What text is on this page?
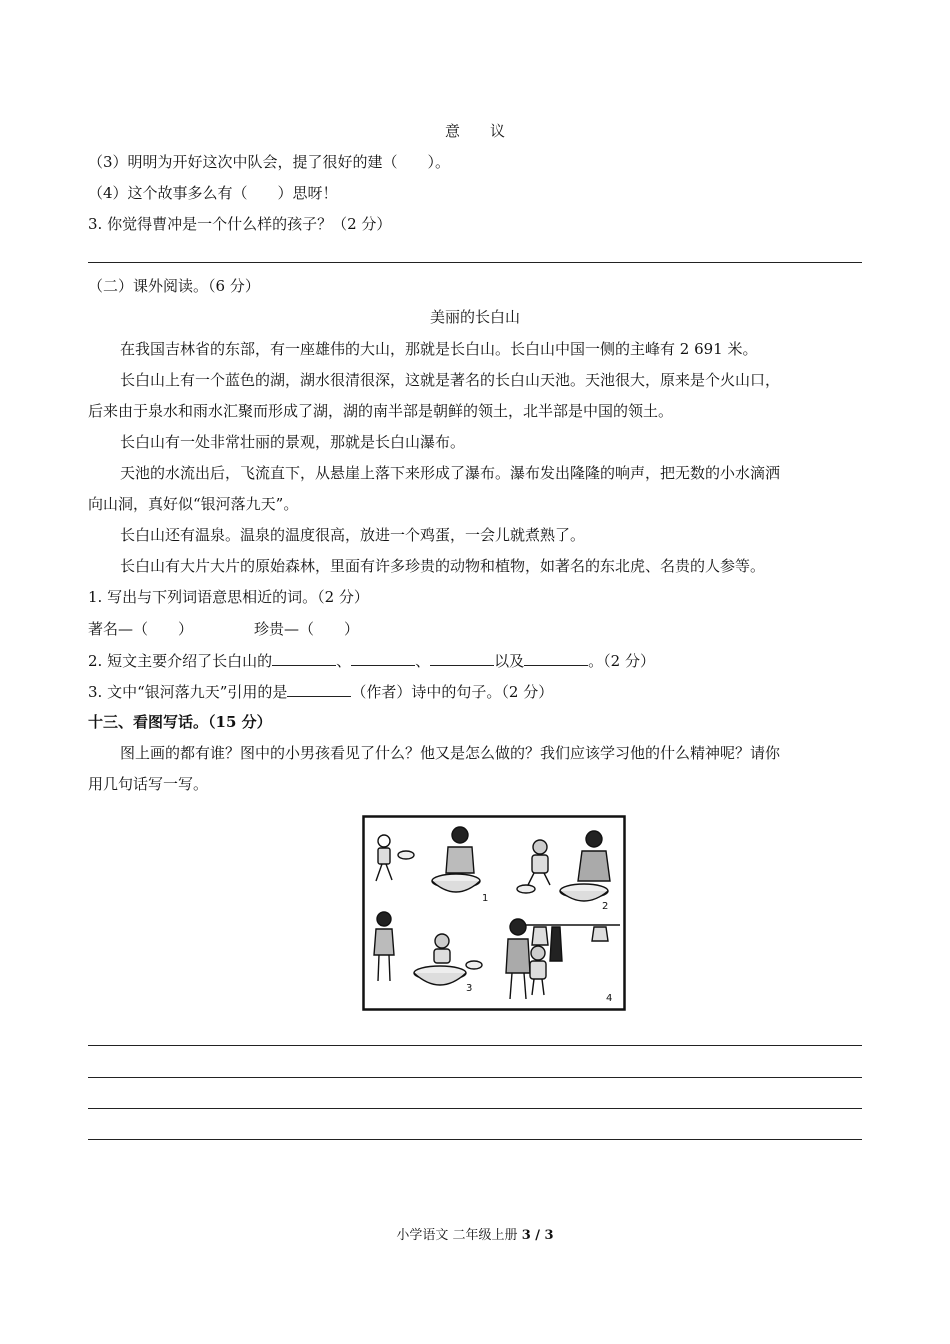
意　　议
（3）明明为开好这次中队会，提了很好的建（　　）。
（4）这个故事多么有（　　）思呀！
3. 你觉得曹冲是一个什么样的孩子？（2 分）
（二）课外阅读。（6 分）
美丽的长白山
在我国吉林省的东部，有一座雄伟的大山，那就是长白山。长白山中国一侧的主峰有 2 691 米。
长白山上有一个蓝色的湖，湖水很清很深，这就是著名的长白山天池。天池很大，原来是个火山口，
后来由于泉水和雨水汇聚而形成了湖，湖的南半部是朝鲜的领土，北半部是中国的领土。
长白山有一处非常壮丽的景观，那就是长白山瀑布。
天池的水流出后，飞流直下，从悬崖上落下来形成了瀑布。瀑布发出隆隆的响声，把无数的小水滴洒
向山洞，真好似“银河落九天”。
长白山还有温泉。温泉的温度很高，放进一个鸡蛋，一会儿就煮熟了。
长白山有大片大片的原始森林，里面有许多珍贵的动物和植物，如著名的东北虎、名贵的人参等。
1. 写出与下列词语意思相近的词。（2 分）
著名—（　　）	珍贵—（　　）
2. 短文主要介绍了长白山的	、	、	以及	。（2 分）
3. 文中“银河落九天”引用的是	（作者）诗中的句子。（2 分）
十三、看图写话。（15 分）
图上画的都有谁？图中的小男孩看见了什么？他又是怎么做的？我们应该学习他的什么精神呢？请你
用几句话写一写。
1
2
3
4
小学语文 二年级上册 3 / 3
